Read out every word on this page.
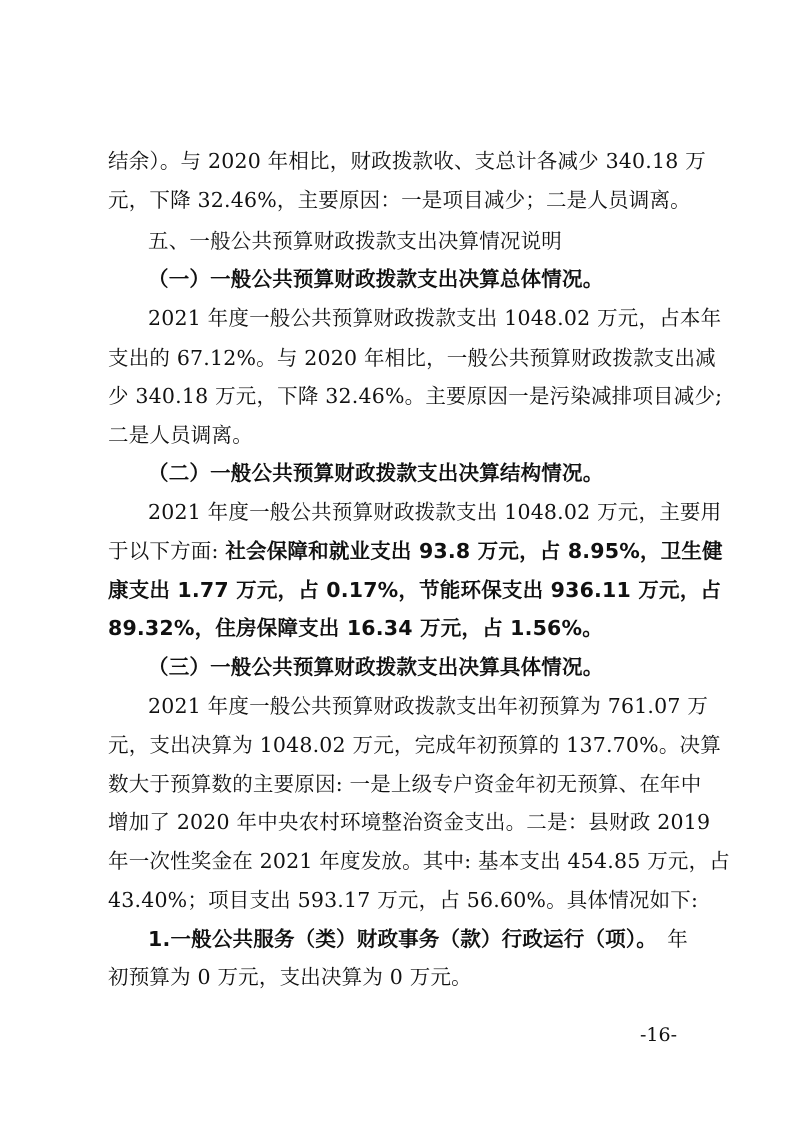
结余）。与 2020 年相比，财政拨款收、支总计各减少 340.18 万
元，下降 32.46%，主要原因：一是项目减少；二是人员调离。
五、一般公共预算财政拨款支出决算情况说明
（一）一般公共预算财政拨款支出决算总体情况。
2021 年度一般公共预算财政拨款支出 1048.02 万元，占本年
支出的 67.12%。与 2020 年相比，一般公共预算财政拨款支出减
少 340.18 万元，下降 32.46%。主要原因一是污染减排项目减少;
二是人员调离。
（二）一般公共预算财政拨款支出决算结构情况。
2021 年度一般公共预算财政拨款支出 1048.02 万元，主要用
于以下方面: 社会保障和就业支出 93.8 万元，占 8.95%，卫生健
康支出 1.77 万元，占 0.17%，节能环保支出 936.11 万元，占
89.32%，住房保障支出 16.34 万元，占 1.56%。
（三）一般公共预算财政拨款支出决算具体情况。
2021 年度一般公共预算财政拨款支出年初预算为 761.07 万
元，支出决算为 1048.02 万元，完成年初预算的 137.70%。决算
数大于预算数的主要原因: 一是上级专户资金年初无预算、在年中
增加了 2020 年中央农村环境整治资金支出。二是：县财政 2019
年一次性奖金在 2021 年度发放。其中: 基本支出 454.85 万元，占
43.40%；项目支出 593.17 万元，占 56.60%。具体情况如下:
1.一般公共服务（类）财政事务（款）行政运行（项）。 年
初预算为 0 万元，支出决算为 0 万元。
-16-
